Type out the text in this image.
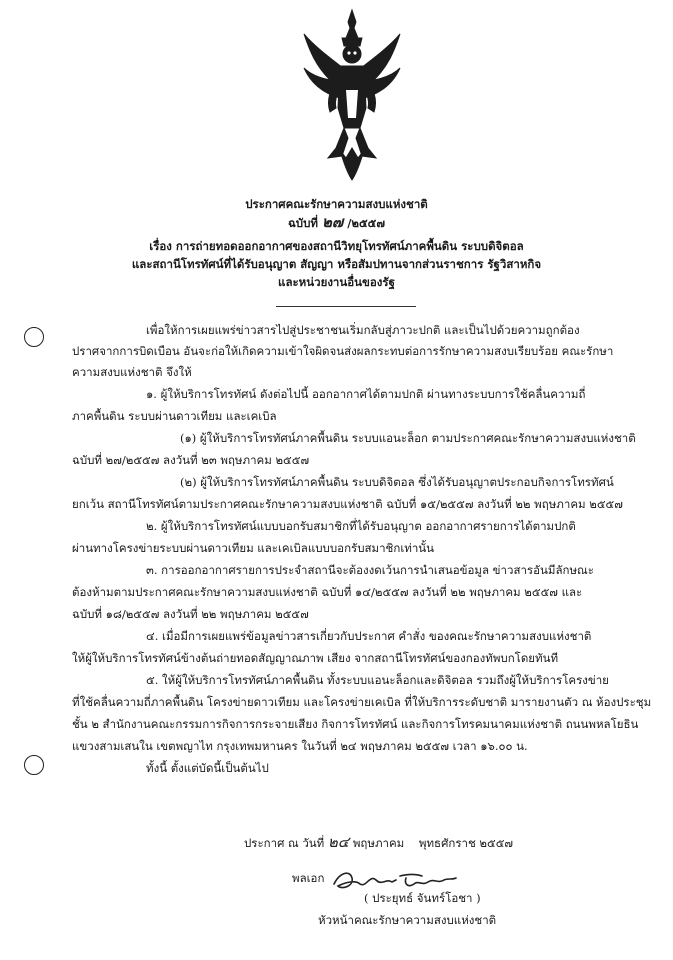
ประกาศคณะรักษาความสงบแห่งชาติ
ฉบับที่ ๒๗ /๒๕๕๗
เรื่อง การถ่ายทอดออกอากาศของสถานีวิทยุโทรทัศน์ภาคพื้นดิน ระบบดิจิตอล
และสถานีโทรทัศน์ที่ได้รับอนุญาต สัญญา หรือสัมปทานจากส่วนราชการ รัฐวิสาหกิจ
และหน่วยงานอื่นของรัฐ
เพื่อให้การเผยแพร่ข่าวสารไปสู่ประชาชนเริ่มกลับสู่ภาวะปกติ และเป็นไปด้วยความถูกต้อง
ปราศจากการบิดเบือน อันจะก่อให้เกิดความเข้าใจผิดจนส่งผลกระทบต่อการรักษาความสงบเรียบร้อย คณะรักษา
ความสงบแห่งชาติ จึงให้
๑. ผู้ให้บริการโทรทัศน์ ดังต่อไปนี้ ออกอากาศได้ตามปกติ ผ่านทางระบบการใช้คลื่นความถี่
ภาคพื้นดิน ระบบผ่านดาวเทียม และเคเบิล
(๑) ผู้ให้บริการโทรทัศน์ภาคพื้นดิน ระบบแอนะล็อก ตามประกาศคณะรักษาความสงบแห่งชาติ
ฉบับที่ ๒๗/๒๕๕๗ ลงวันที่ ๒๓ พฤษภาคม ๒๕๕๗
(๒) ผู้ให้บริการโทรทัศน์ภาคพื้นดิน ระบบดิจิตอล ซึ่งได้รับอนุญาตประกอบกิจการโทรทัศน์
ยกเว้น สถานีโทรทัศน์ตามประกาศคณะรักษาความสงบแห่งชาติ ฉบับที่ ๑๕/๒๕๕๗ ลงวันที่ ๒๒ พฤษภาคม ๒๕๕๗
๒. ผู้ให้บริการโทรทัศน์แบบบอกรับสมาชิกที่ได้รับอนุญาต ออกอากาศรายการได้ตามปกติ
ผ่านทางโครงข่ายระบบผ่านดาวเทียม และเคเบิลแบบบอกรับสมาชิกเท่านั้น
๓. การออกอากาศรายการประจำสถานีจะต้องงดเว้นการนำเสนอข้อมูล ข่าวสารอันมีลักษณะ
ต้องห้ามตามประกาศคณะรักษาความสงบแห่งชาติ ฉบับที่ ๑๔/๒๕๕๗ ลงวันที่ ๒๒ พฤษภาคม ๒๕๕๗ และ
ฉบับที่ ๑๘/๒๕๕๗ ลงวันที่ ๒๒ พฤษภาคม ๒๕๕๗
๔. เมื่อมีการเผยแพร่ข้อมูลข่าวสารเกี่ยวกับประกาศ คำสั่ง ของคณะรักษาความสงบแห่งชาติ
ให้ผู้ให้บริการโทรทัศน์ข้างต้นถ่ายทอดสัญญาณภาพ เสียง จากสถานีโทรทัศน์ของกองทัพบกโดยทันที
๕. ให้ผู้ให้บริการโทรทัศน์ภาคพื้นดิน ทั้งระบบแอนะล็อกและดิจิตอล รวมถึงผู้ให้บริการโครงข่าย
ที่ใช้คลื่นความถี่ภาคพื้นดิน โครงข่ายดาวเทียม และโครงข่ายเคเบิล ที่ให้บริการระดับชาติ มารายงานตัว ณ ห้องประชุม
ชั้น ๒ สำนักงานคณะกรรมการกิจการกระจายเสียง กิจการโทรทัศน์ และกิจการโทรคมนาคมแห่งชาติ ถนนพหลโยธิน
แขวงสามเสนใน เขตพญาไท กรุงเทพมหานคร ในวันที่ ๒๔ พฤษภาคม ๒๕๕๗ เวลา ๑๖.๐๐ น.
ทั้งนี้ ตั้งแต่บัดนี้เป็นต้นไป
ประกาศ ณ วันที่ ๒๔ พฤษภาคม พุทธศักราช ๒๕๕๗
พลเอก
( ประยุทธ์ จันทร์โอชา )
หัวหน้าคณะรักษาความสงบแห่งชาติ
